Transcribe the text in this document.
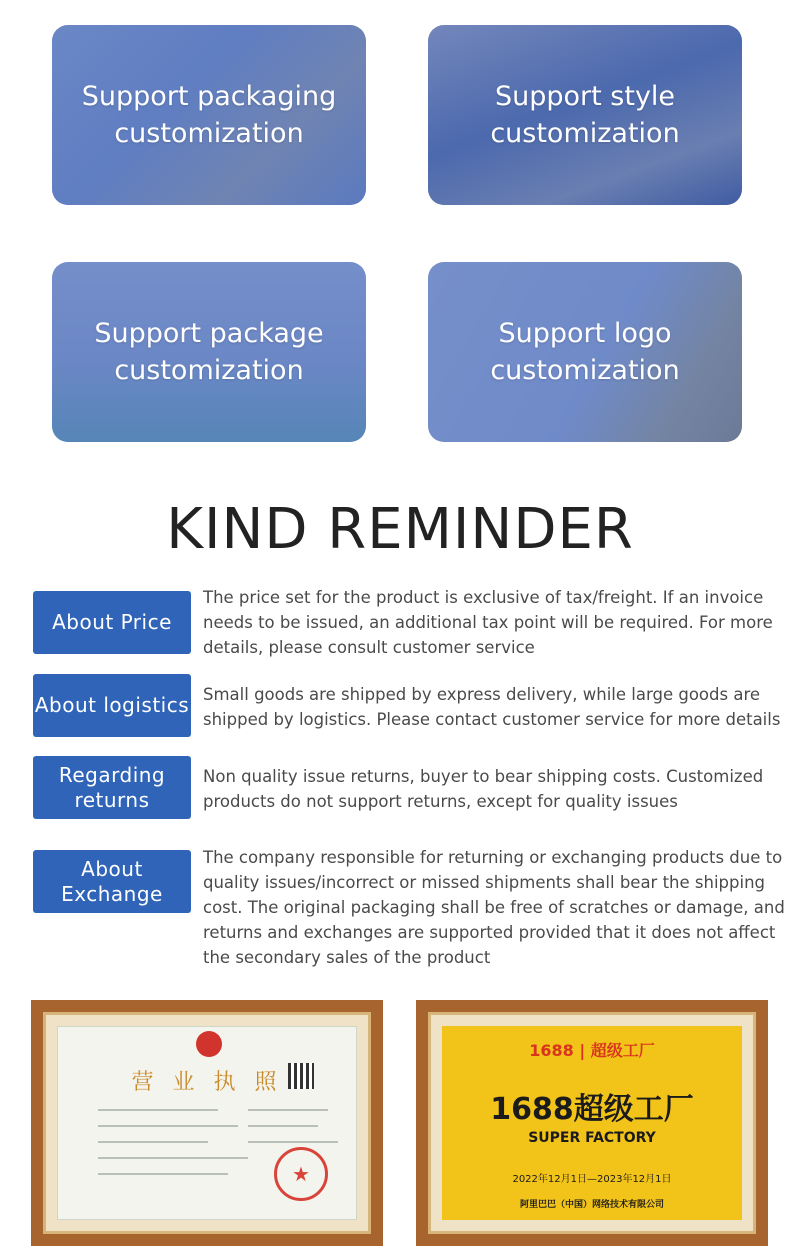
Support packaging customization
Support style customization
Support package customization
Support logo customization
KIND REMINDER
About Price
The price set for the product is exclusive of tax/freight. If an invoice needs to be issued, an additional tax point will be required. For more details, please consult customer service
About logistics Small goods are shipped by express delivery, while large goods are shipped by logistics. Please contact customer service for more details
Regarding returns
Non quality issue returns, buyer to bear shipping costs. Customized products do not support returns, except for quality issues
About Exchange
The company responsible for returning or exchanging products due to quality issues/incorrect or missed shipments shall bear the shipping cost. The original packaging shall be free of scratches or damage, and returns and exchanges are supported provided that it does not affect the secondary sales of the product
营 业 执 照
★
1688 | 超级工厂
1688超级工厂
SUPER FACTORY
2022年12月1日—2023年12月1日
阿里巴巴（中国）网络技术有限公司
